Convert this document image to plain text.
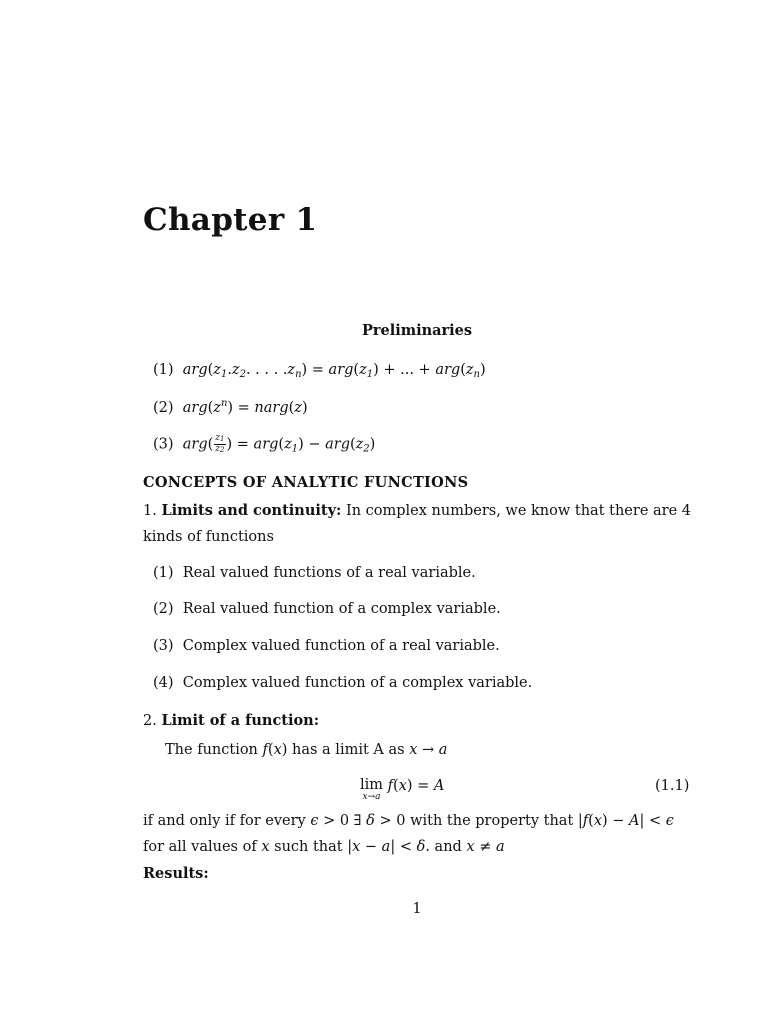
Chapter 1
Preliminaries
(1) $arg(z_1.z_2$. . . . $.z_n) = arg(z_1)$ + ... + $arg(z_n)$
(2) $arg(z^n)$ = narg(z)
(3) $arg( \frac{z_1}{z_2}$ ) = $arg(z_1) - arg(z_2)$
CONCEPTS OF ANALYTIC FUNCTIONS
1. Limits and continuity: In complex numbers, we know that there are 4 kinds of functions
(1) Real valued functions of a real variable.
(2) Real valued function of a complex variable.
(3) Complex valued function of a real variable.
(4) Complex valued function of a complex variable.
2. Limit of a function:
The function f(x) has a limit A as x → a
lim
x→a
f(x) = A	(1.1)
if and only if for every ϵ > 0 ∃ δ > 0 with the property that |f(x) − A| < ϵ for all values of x such that |x − a| < δ. and x ≠ a
Results:
1
